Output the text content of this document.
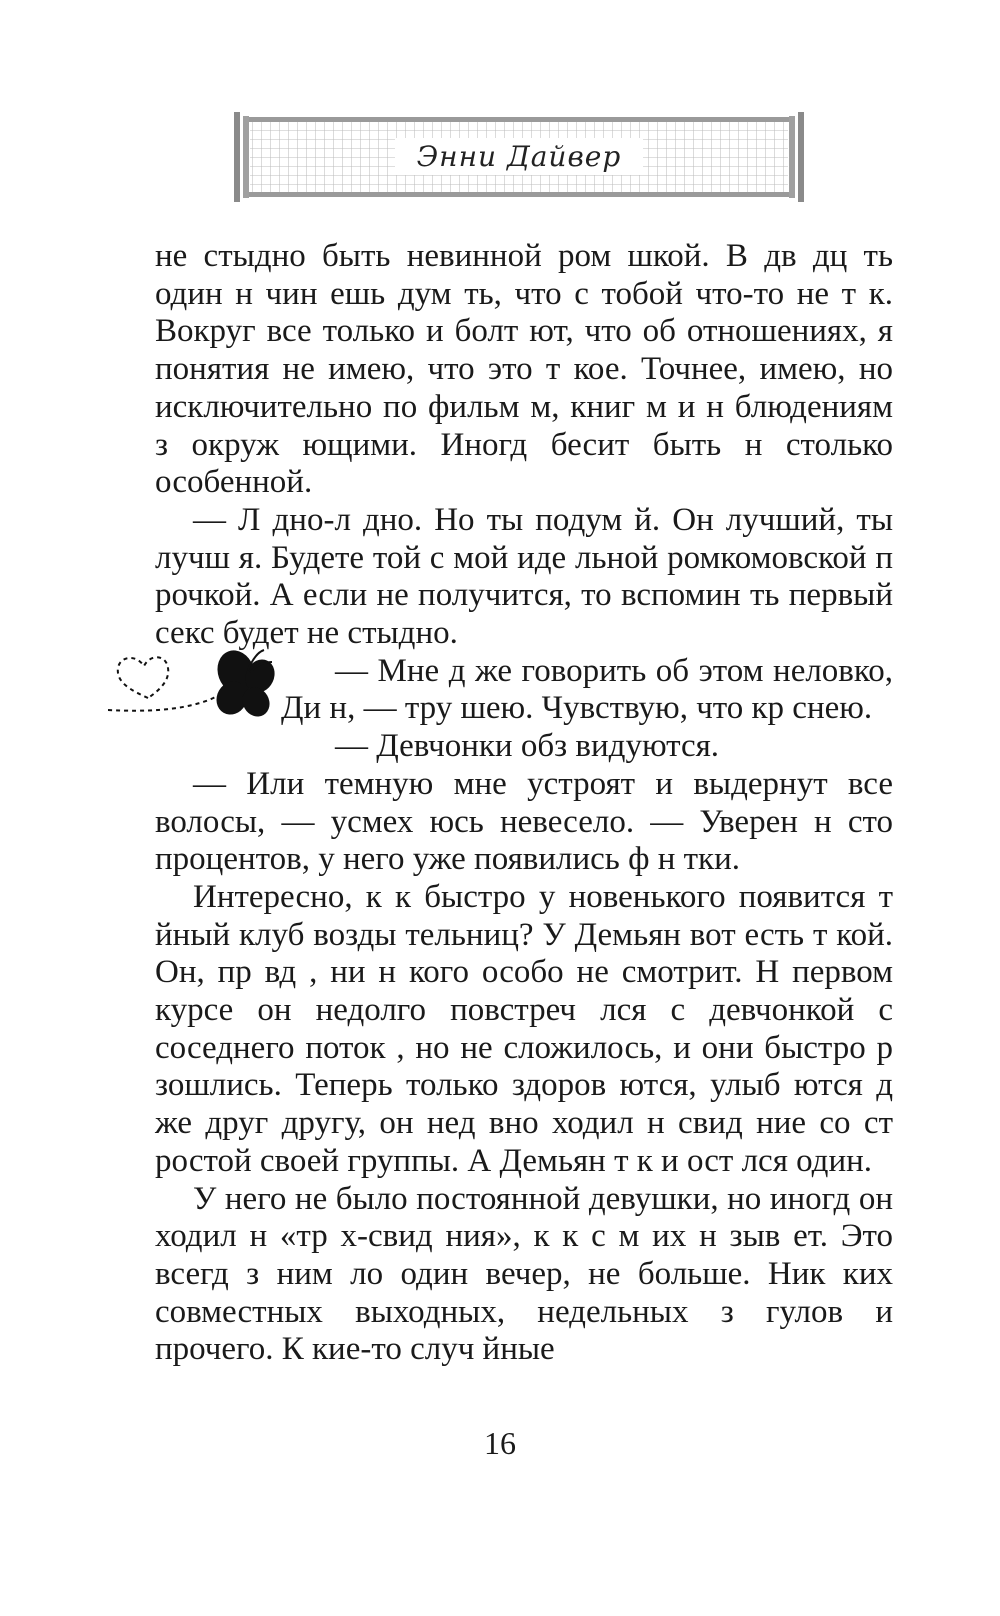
Энни Дайвер

не стыдно быть невинной ром шкой. В дв дц ть один н чин ешь дум ть, что с тобой что-то не т к. Вокруг все только и болт ют, что об отношениях, я понятия не имею, что это т кое. Точнее, имею, но исключительно по фильм м, книг м и н блюдениям з окруж ющими. Иногд бесит быть н столько особенной.

— Л дно-л дно. Но ты подум й. Он лучший, ты лучш я. Будете той с мой иде льной ромкомовской п рочкой. А если не получится, то вспомин ть первый секс будет не стыдно.

— Мне д же говорить об этом неловко, Ди н, — тру шею. Чувствую, что кр снею.

— Девчонки обз видуются.

— Или темную мне устроят и выдернут все волосы, — усмех юсь невесело. — Уверен н сто процентов, у него уже появились ф н тки.

Интересно, к к быстро у новенького появится т йный клуб возды тельниц? У Демьян вот есть т кой. Он, пр вд , ни н кого особо не смотрит. Н первом курсе он недолго повстреч лся с девчонкой с соседнего поток , но не сложилось, и они быстро р зошлись. Теперь только здоров ются, улыб ются д же друг другу, он нед вно ходил н свид ние со ст ростой своей группы. А Демьян т к и ост лся один.

У него не было постоянной девушки, но иногд он ходил н «тр х-свид ния», к к с м их н зыв ет. Это всегд з ним ло один вечер, не больше. Ник ких совместных выходных, недельных з гулов и прочего. К кие-то случ йные

16
